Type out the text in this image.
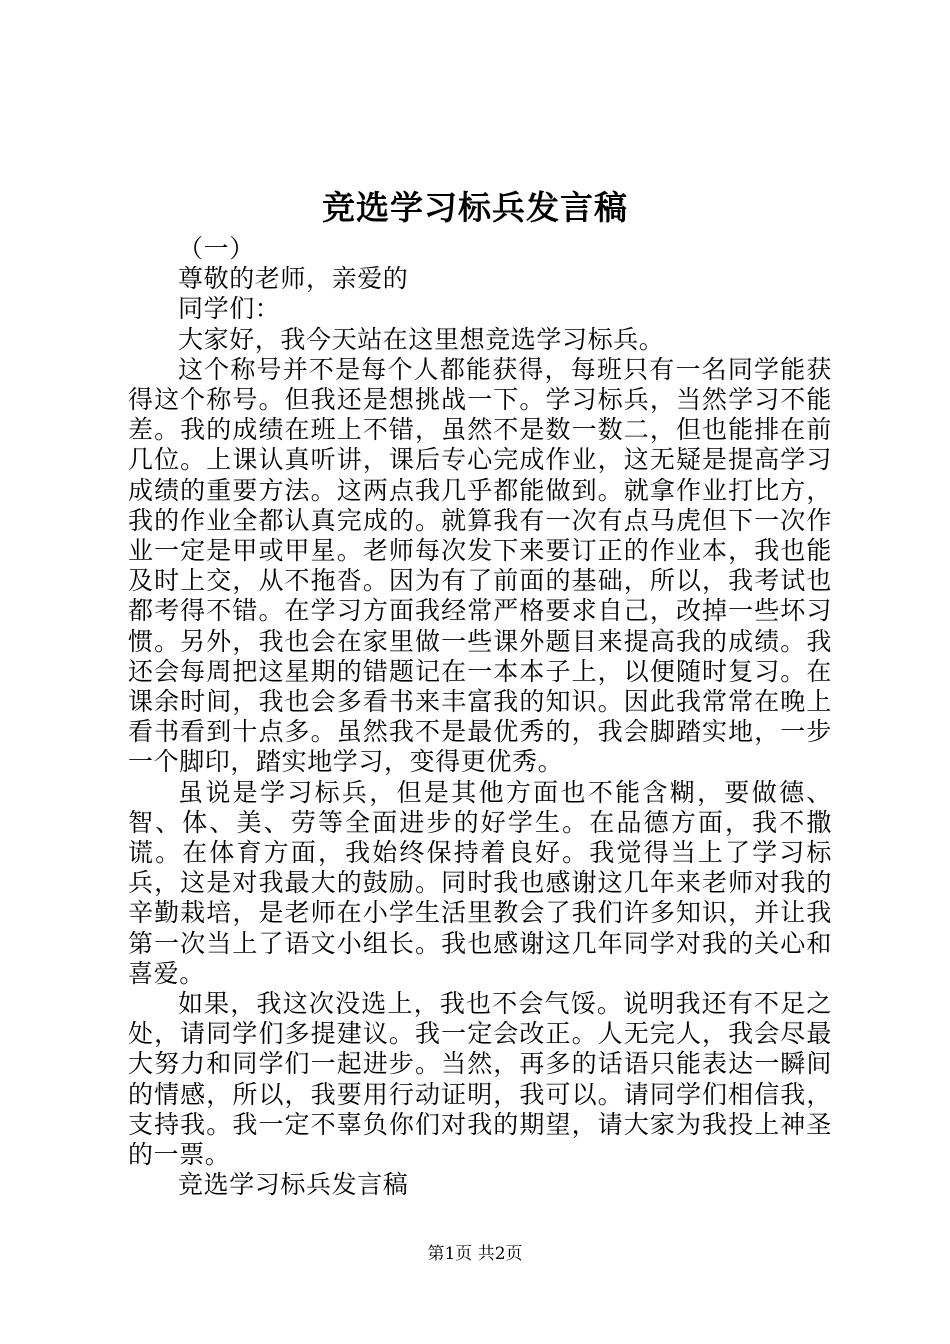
竞选学习标兵发言稿

（一）

尊敬的老师，亲爱的

同学们：

大家好，我今天站在这里想竞选学习标兵。

这个称号并不是每个人都能获得，每班只有一名同学能获得这个称号。但我还是想挑战一下。学习标兵，当然学习不能差。我的成绩在班上不错，虽然不是数一数二，但也能排在前几位。上课认真听讲，课后专心完成作业，这无疑是提高学习成绩的重要方法。这两点我几乎都能做到。就拿作业打比方，我的作业全都认真完成的。就算我有一次有点马虎但下一次作业一定是甲或甲星。老师每次发下来要订正的作业本，我也能及时上交，从不拖沓。因为有了前面的基础，所以，我考试也都考得不错。在学习方面我经常严格要求自己，改掉一些坏习惯。另外，我也会在家里做一些课外题目来提高我的成绩。我还会每周把这星期的错题记在一本本子上，以便随时复习。在课余时间，我也会多看书来丰富我的知识。因此我常常在晚上看书看到十点多。虽然我不是最优秀的，我会脚踏实地，一步一个脚印，踏实地学习，变得更优秀。

虽说是学习标兵，但是其他方面也不能含糊，要做德、智、体、美、劳等全面进步的好学生。在品德方面，我不撒谎。在体育方面，我始终保持着良好。我觉得当上了学习标兵，这是对我最大的鼓励。同时我也感谢这几年来老师对我的辛勤栽培，是老师在小学生活里教会了我们许多知识，并让我第一次当上了语文小组长。我也感谢这几年同学对我的关心和喜爱。

如果，我这次没选上，我也不会气馁。说明我还有不足之处，请同学们多提建议。我一定会改正。人无完人，我会尽最大努力和同学们一起进步。当然，再多的话语只能表达一瞬间的情感，所以，我要用行动证明，我可以。请同学们相信我，支持我。我一定不辜负你们对我的期望，请大家为我投上神圣的一票。

竞选学习标兵发言稿

第1页 共2页
